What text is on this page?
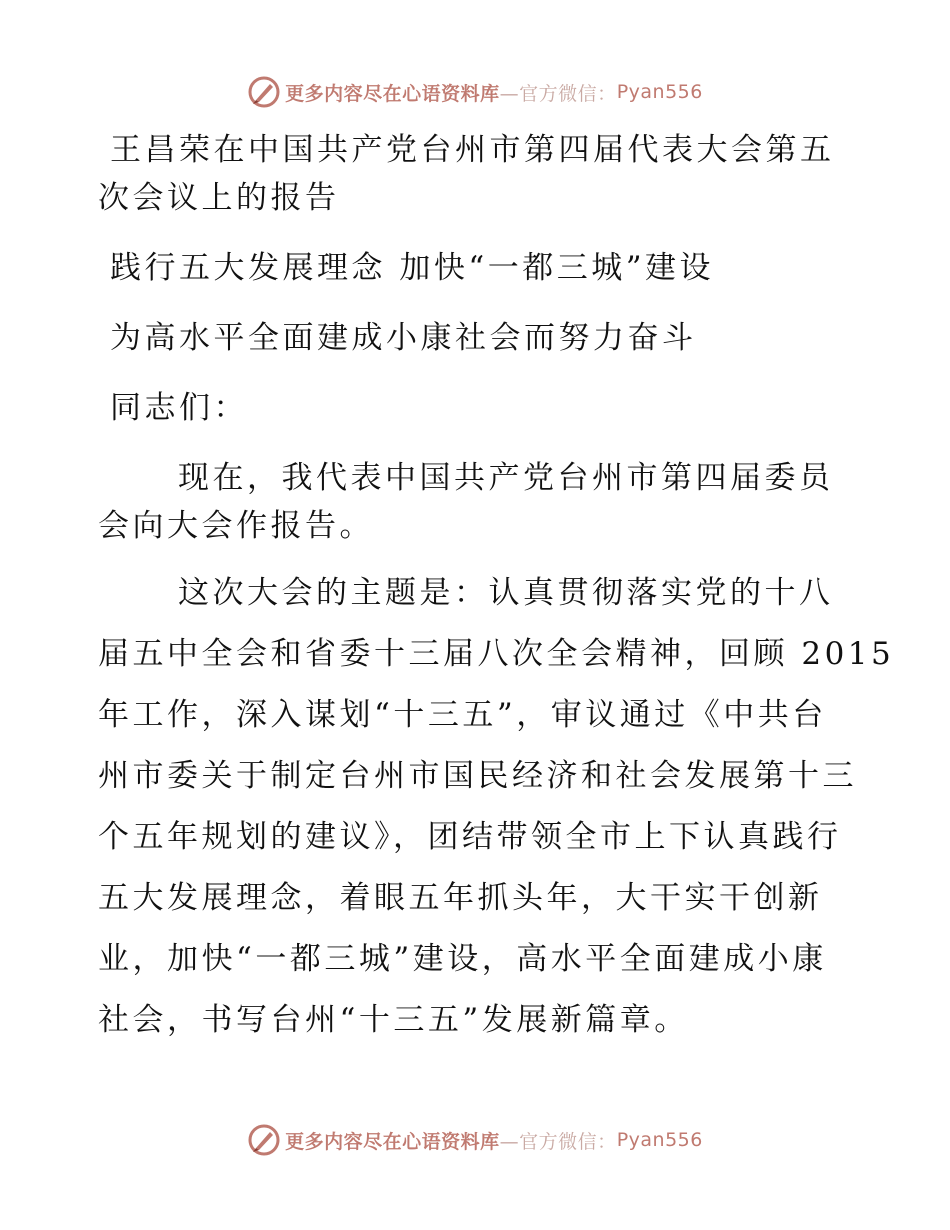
更多内容尽在心语资料库 —官方微信： Pyan556
王昌荣在中国共产党台州市第四届代表大会第五
次会议上的报告
践行五大发展理念 加快“一都三城”建设
为高水平全面建成小康社会而努力奋斗
同志们：
现在，我代表中国共产党台州市第四届委员
会向大会作报告。
这次大会的主题是：认真贯彻落实党的十八
届五中全会和省委十三届八次全会精神，回顾 2015
年工作，深入谋划“十三五”，审议通过《中共台
州市委关于制定台州市国民经济和社会发展第十三
个五年规划的建议》，团结带领全市上下认真践行
五大发展理念，着眼五年抓头年，大干实干创新
业，加快“一都三城”建设，高水平全面建成小康
社会，书写台州“十三五”发展新篇章。
更多内容尽在心语资料库 —官方微信： Pyan556
